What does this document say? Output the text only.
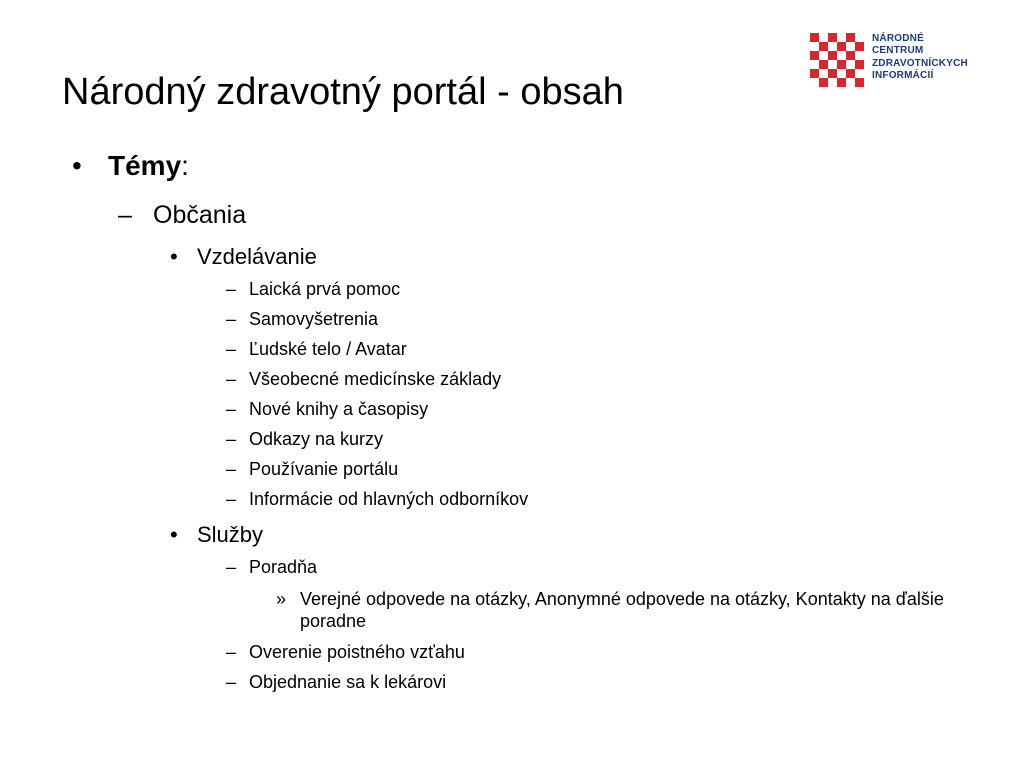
Národný zdravotný portál - obsah
NÁRODNÉ
CENTRUM
ZDRAVOTNÍCKYCH
INFORMÁCIÍ
• Témy:
– Občania
• Vzdelávanie
– Laická prvá pomoc
– Samovyšetrenia
– Ľudské telo / Avatar
– Všeobecné medicínske základy
– Nové knihy a časopisy
– Odkazy na kurzy
– Používanie portálu
– Informácie od hlavných odborníkov
• Služby
– Poradňa
» Verejné odpovede na otázky, Anonymné odpovede na otázky, Kontakty na ďalšie poradne
– Overenie poistného vzťahu
– Objednanie sa k lekárovi
